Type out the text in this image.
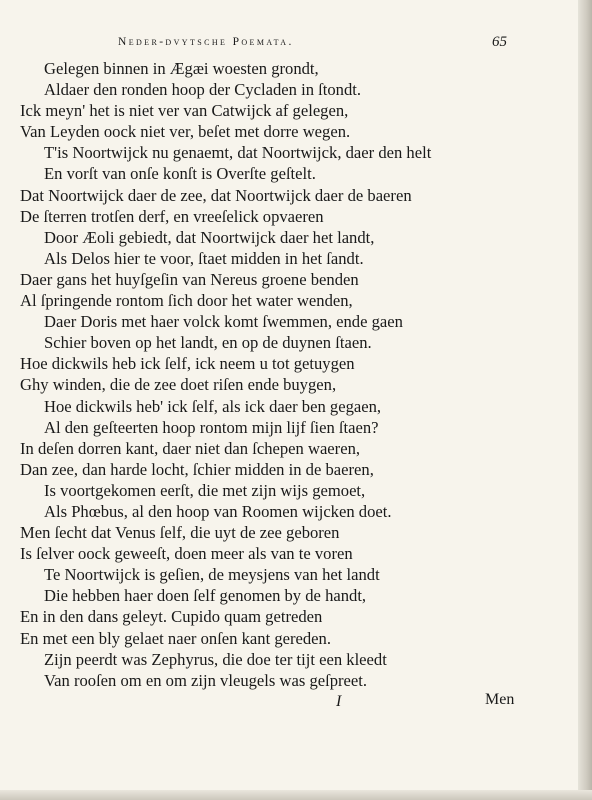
Neder-dvytsche Poemata.	65
Gelegen binnen in Ægæi woesten grondt,
Aldaer den ronden hoop der Cycladen in ſtondt.
Ick meyn' het is niet ver van Catwijck af gelegen,
Van Leyden oock niet ver, beſet met dorre wegen.
T'is Noortwijck nu genaemt, dat Noortwijck, daer den helt
En vorſt van onſe konſt is Overſte geſtelt.
Dat Noortwijck daer de zee, dat Noortwijck daer de baeren
De ſterren trotſen derf, en vreeſelick opvaeren
Door Æoli gebiedt, dat Noortwijck daer het landt,
Als Delos hier te voor, ſtaet midden in het ſandt.
Daer gans het huyſgeſin van Nereus groene benden
Al ſpringende rontom ſich door het water wenden,
Daer Doris met haer volck komt ſwemmen, ende gaen
Schier boven op het landt, en op de duynen ſtaen.
Hoe dickwils heb ick ſelf, ick neem u tot getuygen
Ghy winden, die de zee doet riſen ende buygen,
Hoe dickwils heb' ick ſelf, als ick daer ben gegaen,
Al den geſteerten hoop rontom mijn lijf ſien ſtaen?
In deſen dorren kant, daer niet dan ſchepen waeren,
Dan zee, dan harde locht, ſchier midden in de baeren,
Is voortgekomen eerſt, die met zijn wijs gemoet,
Als Phœbus, al den hoop van Roomen wijcken doet.
Men ſecht dat Venus ſelf, die uyt de zee geboren
Is ſelver oock geweeſt, doen meer als van te voren
Te Noortwijck is geſien, de meysjens van het landt
Die hebben haer doen ſelf genomen by de handt,
En in den dans geleyt. Cupido quam getreden
En met een bly gelaet naer onſen kant gereden.
Zijn peerdt was Zephyrus, die doe ter tijt een kleedt
Van rooſen om en om zijn vleugels was geſpreet.
I	Men
